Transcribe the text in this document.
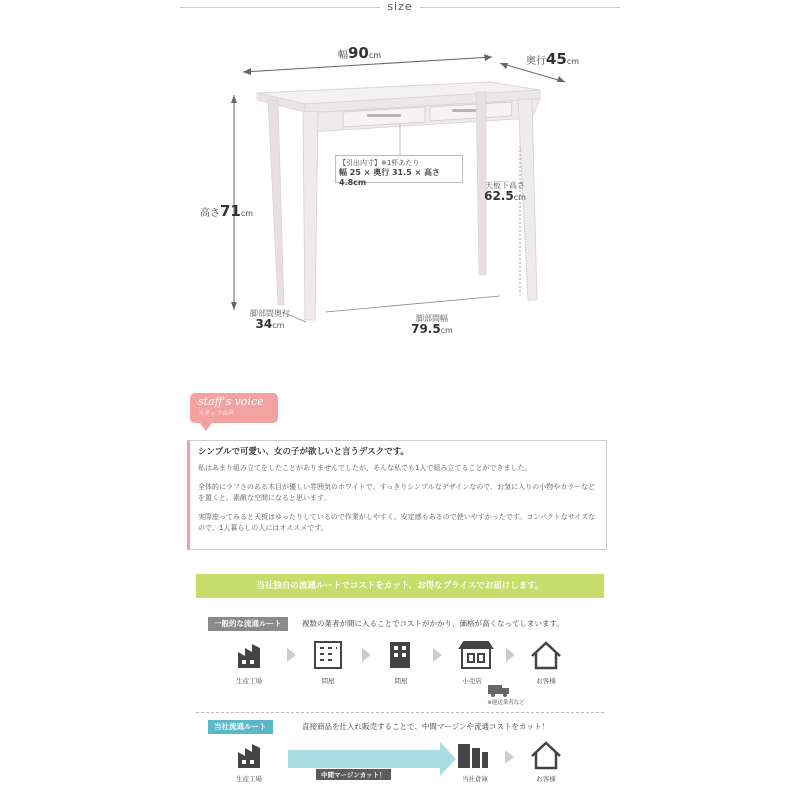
size
幅90cm
奥行45cm
高さ71cm
天板下高さ
62.5cm
脚部間奥行
34cm
脚部間幅
79.5cm
【引出内寸】※1杯あたり
幅 25 × 奥行 31.5 × 高さ 4.8cm
staff's voice
スタッフの声
シンプルで可愛い、女の子が欲しいと言うデスクです。
私はあまり組み立てをしたことがありませんでしたが、そんな私でも1人で組み立てることができました。
全体的にラフさのある木目が優しい雰囲気のホワイトで、すっきりシンプルなデザインなので、お気に入りの小物やカラーなどを置くと、素敵な空間になると思います。
実際座ってみると天板はゆったりしているので作業がしやすく、安定感もあるので使いやすかったです。コンパクトなサイズなので、1人暮らしの人にはオススメです。
当社独自の流通ルートでコストをカット、お得なプライスでお届けします。
一般的な流通ルート	複数の業者が間に入ることでコストがかかり、価格が高くなってしまいます。
生産工場	問屋	問屋	小売店	お客様
※運送業者など
当社流通ルート	直接商品を仕入れ販売することで、中間マージンや流通コストをカット！
中間マージンカット！
生産工場	当社倉庫	お客様
